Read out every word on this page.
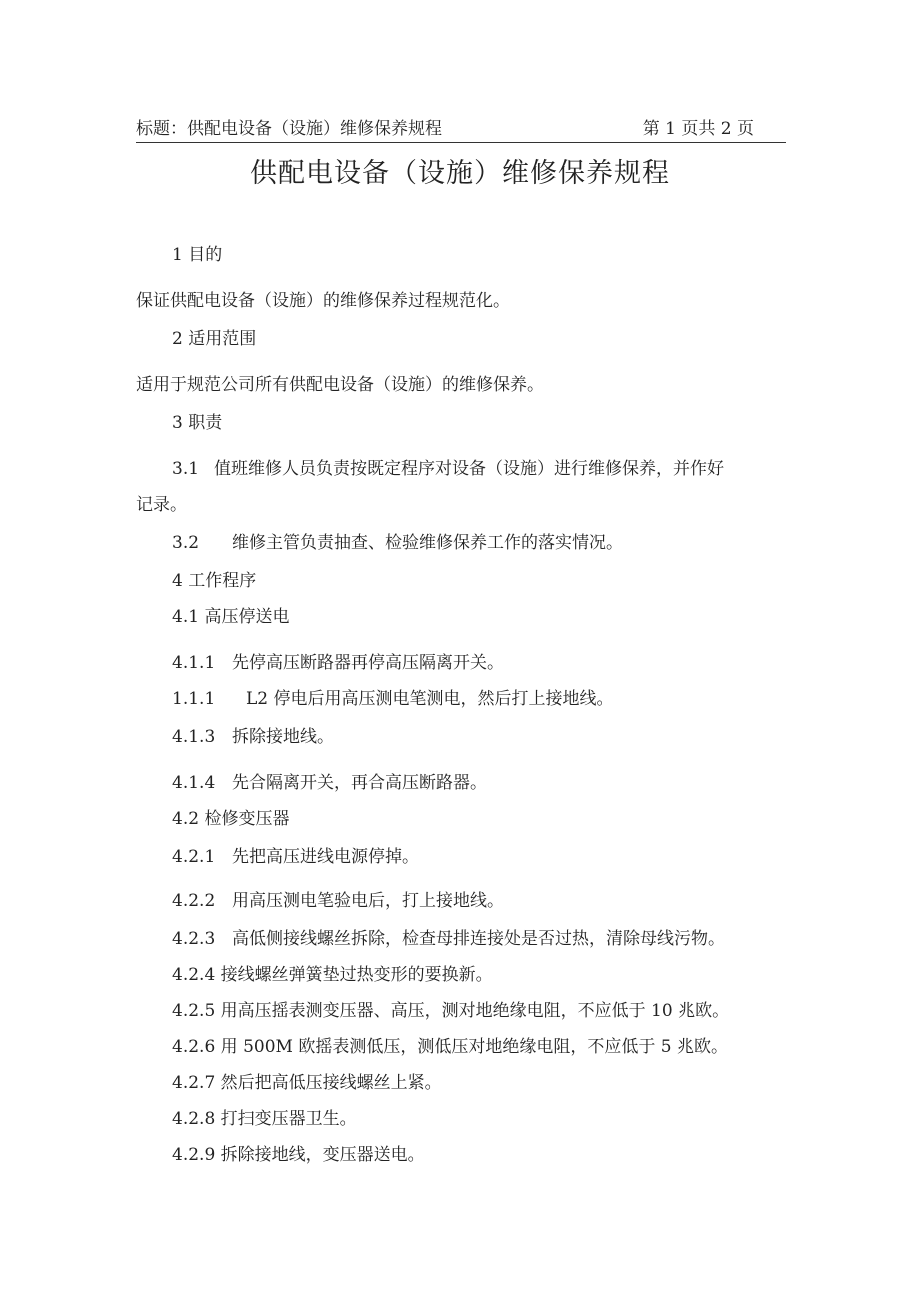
标题：供配电设备（设施）维修保养规程	第 1 页共 2 页
供配电设备（设施）维修保养规程
1 目的
保证供配电设备（设施）的维修保养过程规范化。
2 适用范围
适用于规范公司所有供配电设备（设施）的维修保养。
3 职责
3.1 值班维修人员负责按既定程序对设备（设施）进行维修保养，并作好
记录。
3.2 维修主管负责抽查、检验维修保养工作的落实情况。
4 工作程序
4.1 高压停送电
4.1.1 先停高压断路器再停高压隔离开关。
1.1.1 L2 停电后用高压测电笔测电，然后打上接地线。
4.1.3 拆除接地线。
4.1.4 先合隔离开关，再合高压断路器。
4.2 检修变压器
4.2.1 先把高压进线电源停掉。
4.2.2 用高压测电笔验电后，打上接地线。
4.2.3 高低侧接线螺丝拆除，检查母排连接处是否过热，清除母线污物。
4.2.4 接线螺丝弹簧垫过热变形的要换新。
4.2.5 用高压摇表测变压器、高压，测对地绝缘电阻，不应低于 10 兆欧。
4.2.6 用 500M 欧摇表测低压，测低压对地绝缘电阻，不应低于 5 兆欧。
4.2.7 然后把高低压接线螺丝上紧。
4.2.8 打扫变压器卫生。
4.2.9 拆除接地线，变压器送电。
